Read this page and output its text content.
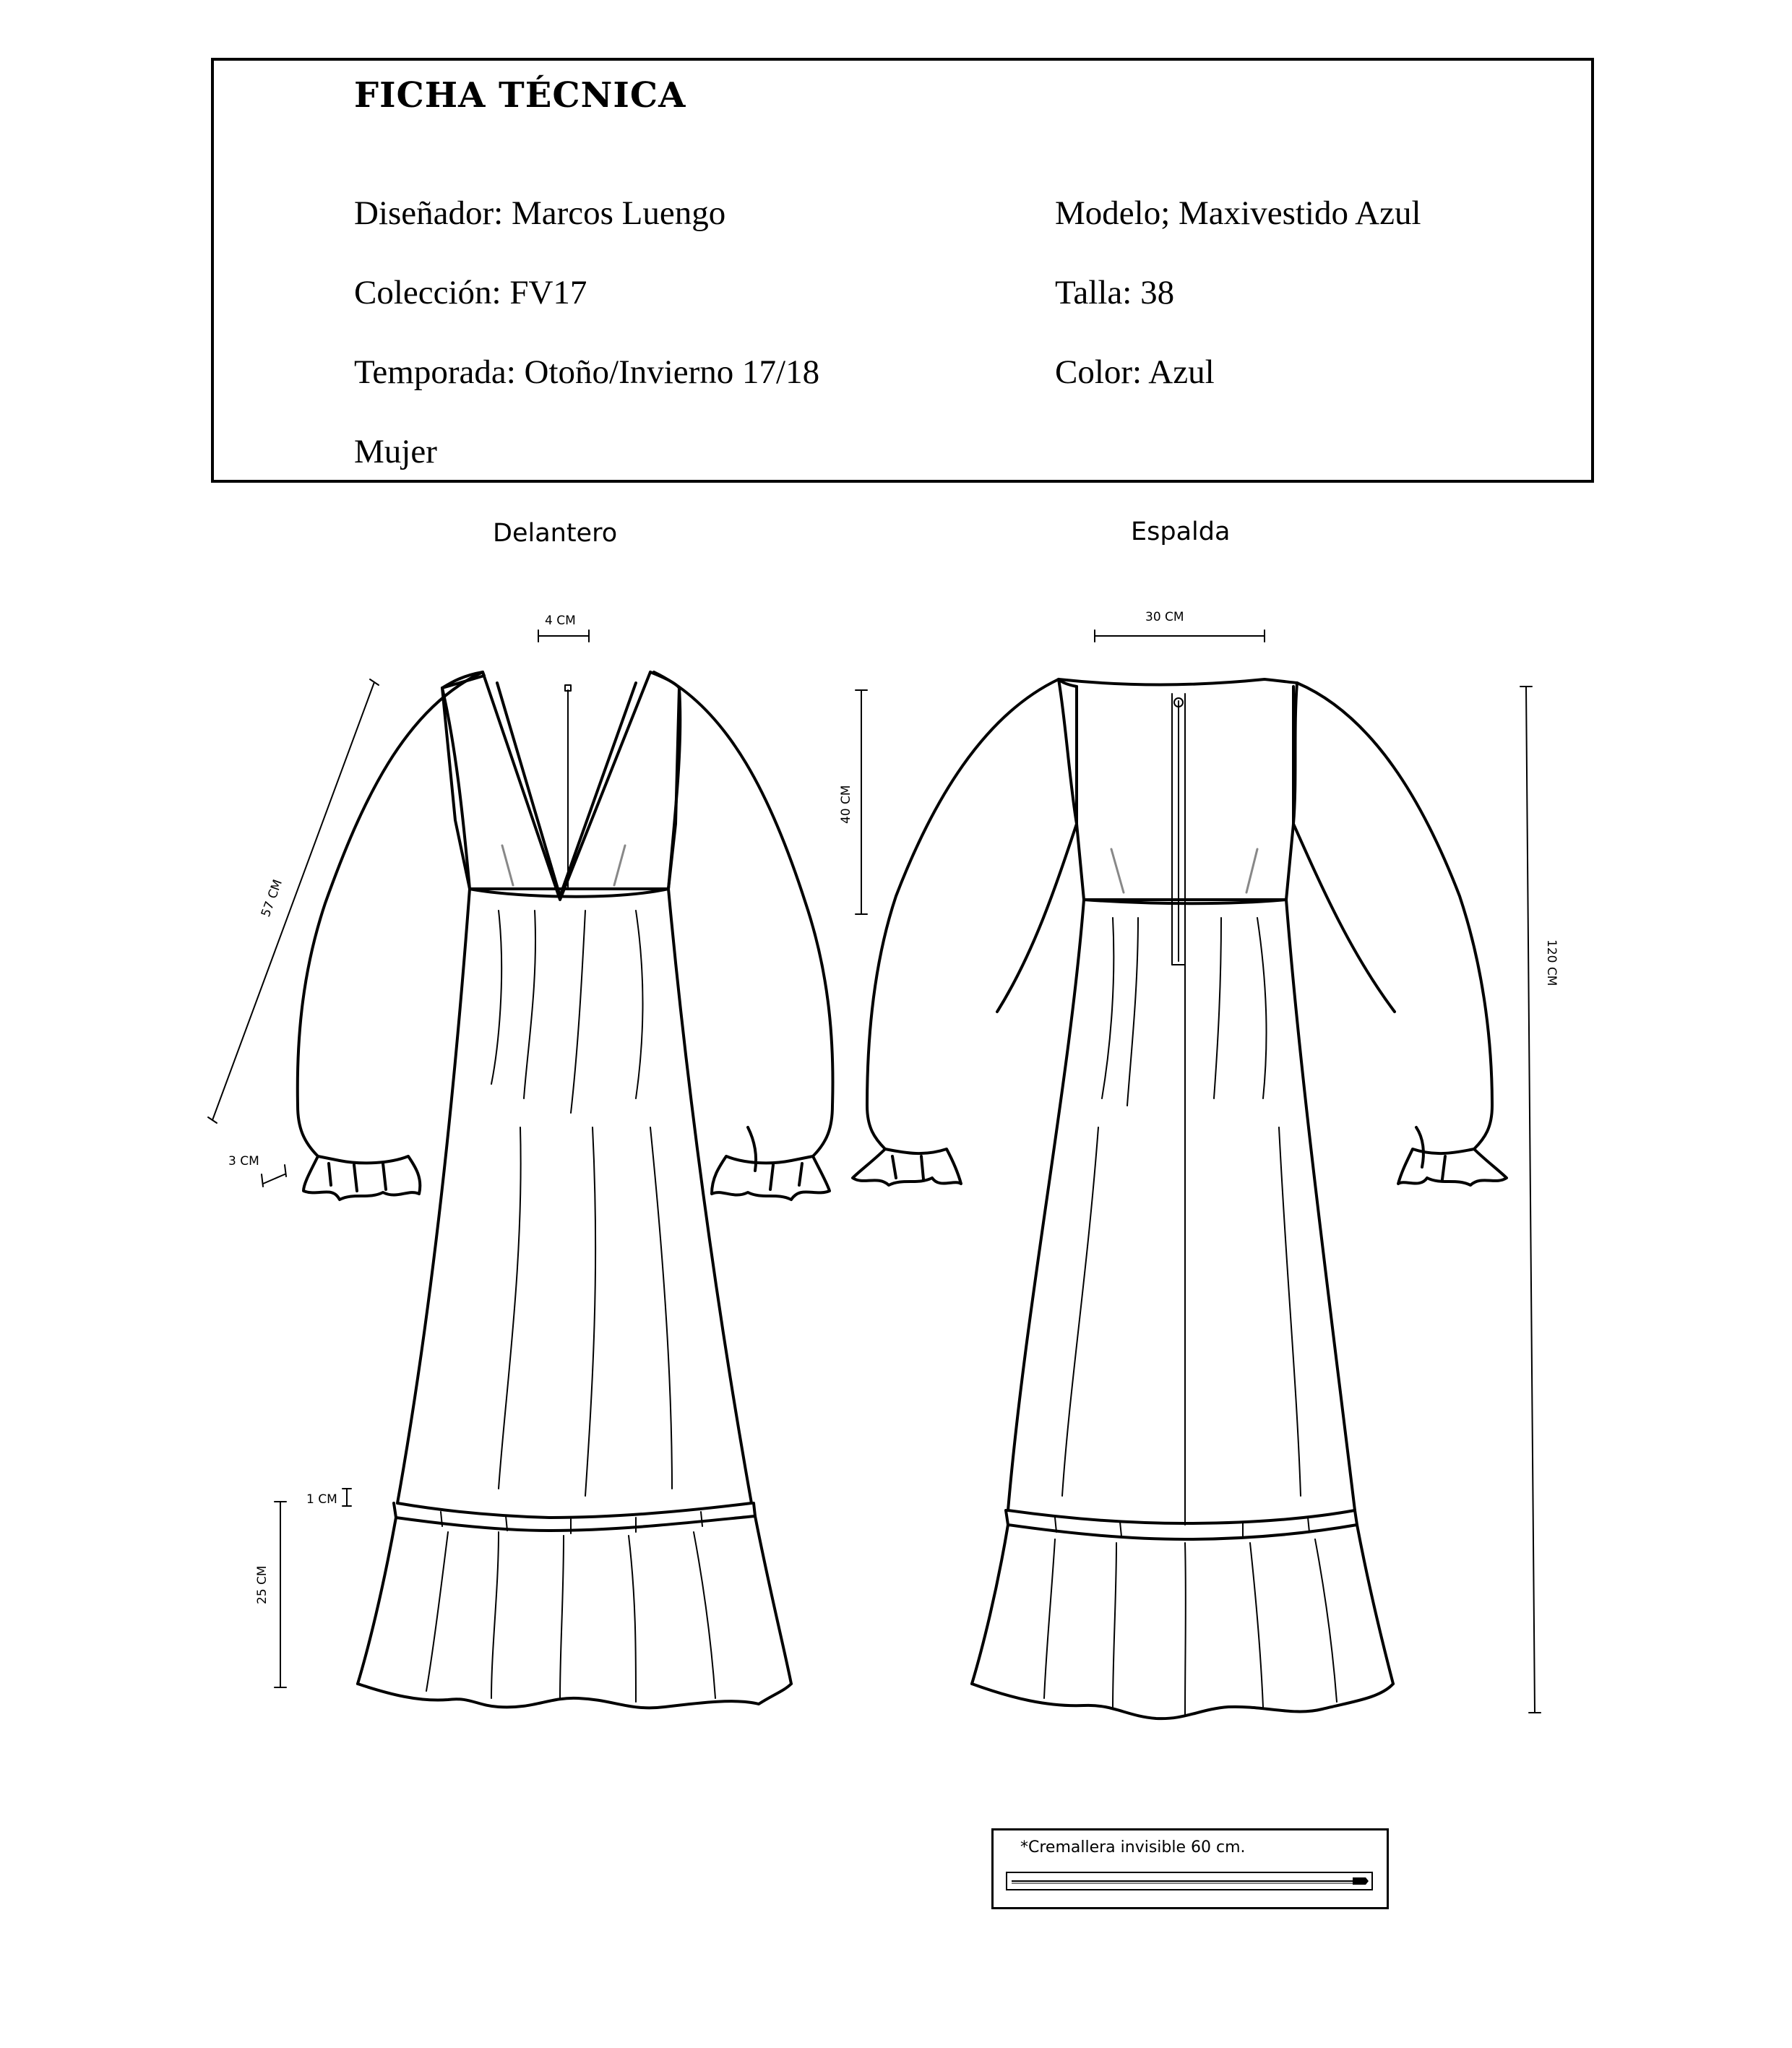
FICHA TÉCNICA
Diseñador: Marcos Luengo
Colección: FV17
Temporada: Otoño/Invierno 17/18
Mujer
Modelo; Maxivestido Azul
Talla: 38
Color: Azul
Delantero	Espalda
4 CM	30 CM
40 CM
57 CM
3 CM
1 CM
25 CM
120 CM
*Cremallera invisible 60 cm.
